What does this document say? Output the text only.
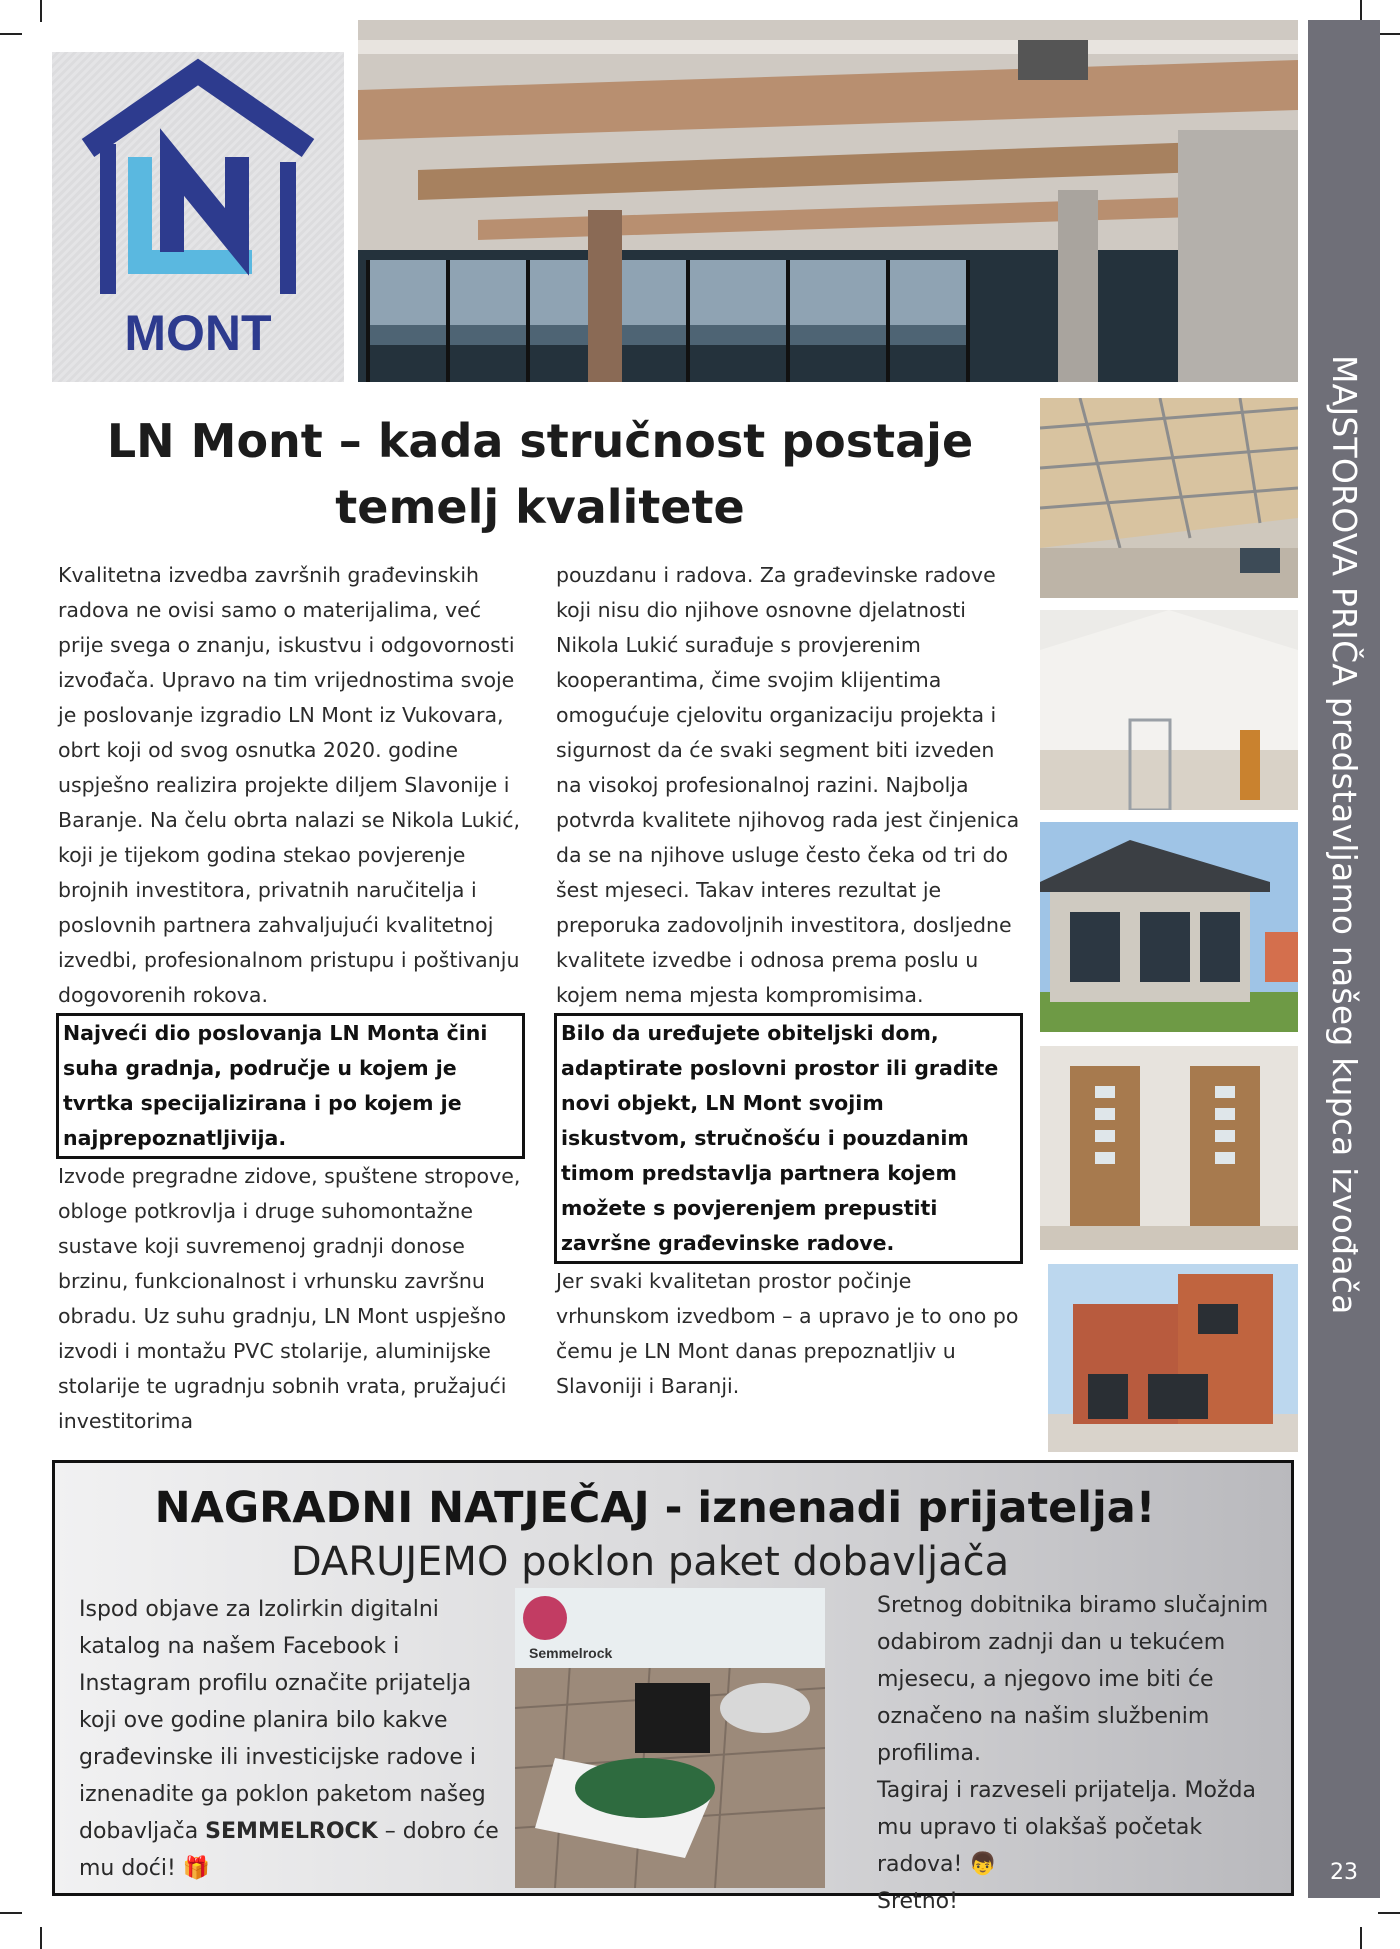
MAJSTOROVA PRIČA predstavljamo našeg kupca izvođača
23
MONT
LN Mont – kada stručnost postaje temelj kvalitete

Kvalitetna izvedba završnih građevinskih radova ne ovisi samo o materijalima, već prije svega o znanju, iskustvu i odgovornosti izvođača. Upravo na tim vrijednostima svoje je poslovanje izgradio LN Mont iz Vukovara, obrt koji od svog osnutka 2020. godine uspješno realizira projekte diljem Slavonije i Baranje. Na čelu obrta nalazi se Nikola Lukić, koji je tijekom godina stekao povjerenje brojnih investitora, privatnih naručitelja i poslovnih partnera zahvaljujući kvalitetnoj izvedbi, profesionalnom pristupu i poštivanju dogovorenih rokova.

Najveći dio poslovanja LN Monta čini suha gradnja, područje u kojem je tvrtka specijalizirana i po kojem je najprepoznatljivija.

Izvode pregradne zidove, spuštene stropove, obloge potkrovlja i druge suhomontažne sustave koji suvremenoj gradnji donose brzinu, funkcionalnost i vrhunsku završnu obradu. Uz suhu gradnju, LN Mont uspješno izvodi i montažu PVC stolarije, aluminijske stolarije te ugradnju sobnih vrata, pružajući investitorima

pouzdanu i radova. Za građevinske radove koji nisu dio njihove osnovne djelatnosti Nikola Lukić surađuje s provjerenim kooperantima, čime svojim klijentima omogućuje cjelovitu organizaciju projekta i sigurnost da će svaki segment biti izveden na visokoj profesionalnoj razini. Najbolja potvrda kvalitete njihovog rada jest činjenica da se na njihove usluge često čeka od tri do šest mjeseci. Takav interes rezultat je preporuka zadovoljnih investitora, dosljedne kvalitete izvedbe i odnosa prema poslu u kojem nema mjesta kompromisima.

Bilo da uređujete obiteljski dom, adaptirate poslovni prostor ili gradite novi objekt, LN Mont svojim iskustvom, stručnošću i pouzdanim timom predstavlja partnera kojem možete s povjerenjem prepustiti završne građevinske radove.

Jer svaki kvalitetan prostor počinje vrhunskom izvedbom – a upravo je to ono po čemu je LN Mont danas prepoznatljiv u Slavoniji i Baranji.

NAGRADNI NATJEČAJ - iznenadi prijatelja!
DARUJEMO poklon paket dobavljača
Ispod objave za Izolirkin digitalni katalog na našem Facebook i Instagram profilu označite prijatelja koji ove godine planira bilo kakve građevinske ili investicijske radove i iznenadite ga poklon paketom našeg dobavljača SEMMELROCK – dobro će mu doći! 🎁
Semmelrock
Sretnog dobitnika biramo slučajnim odabirom zadnji dan u tekućem mjesecu, a njegovo ime biti će označeno na našim službenim profilima.
Tagiraj i razveseli prijatelja. Možda mu upravo ti olakšaš početak radova! 👦
Sretno!
